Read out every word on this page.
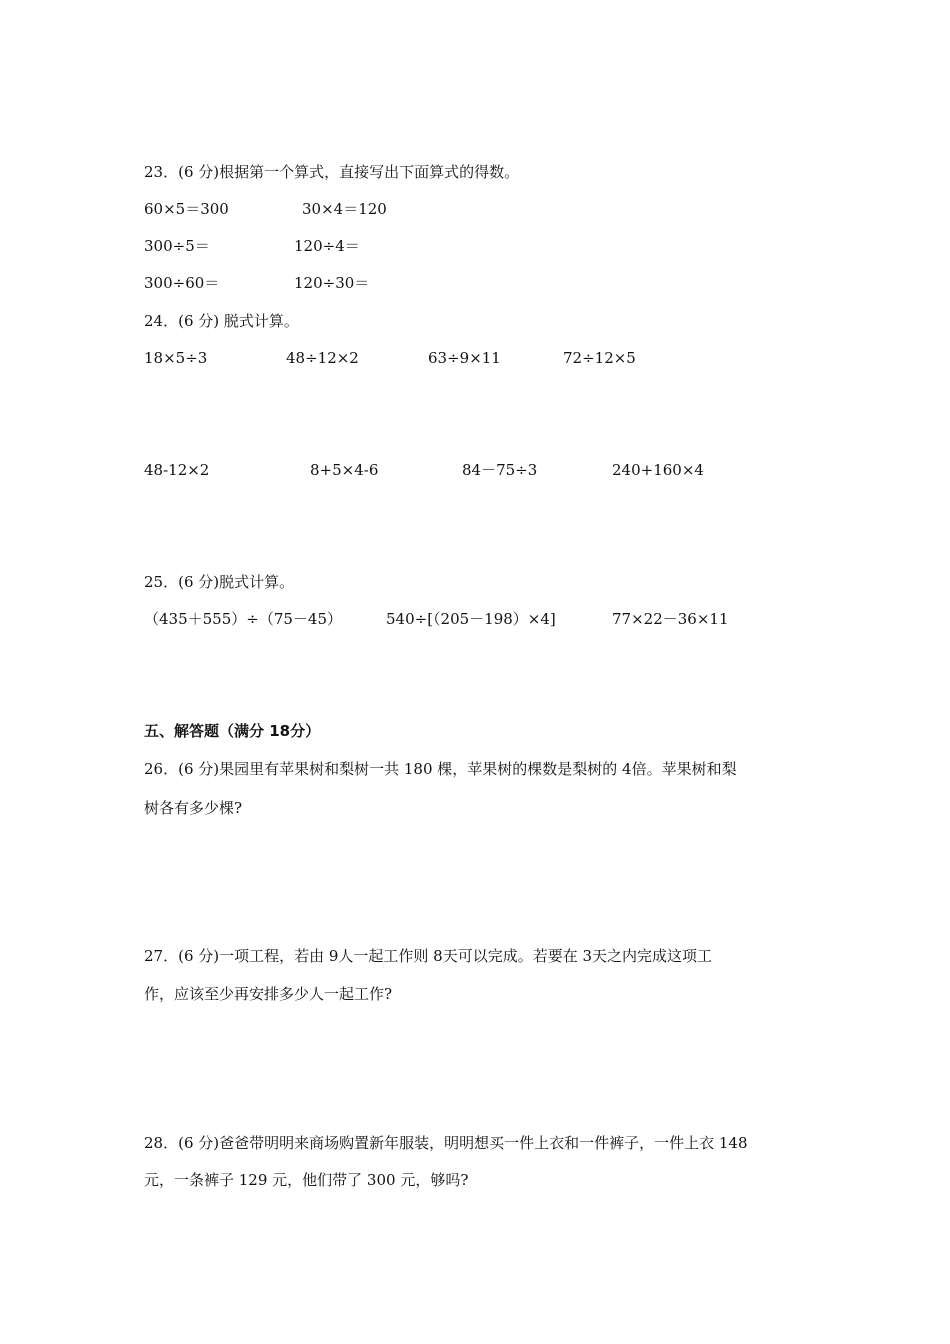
23．(6 分)根据第一个算式，直接写出下面算式的得数。
60×5＝300	30×4＝120
300÷5＝	120÷4＝
300÷60＝	120÷30＝
24．(6 分) 脱式计算。
18×5÷3	48÷12×2	63÷9×11	72÷12×5
48-12×2	8+5×4-6	84－75÷3	240+160×4
25．(6 分)脱式计算。
（435＋555）÷（75－45）	540÷[（205－198）×4]	77×22－36×11
五、解答题（满分 18分）
26．(6 分)果园里有苹果树和梨树一共 180 棵，苹果树的棵数是梨树的 4倍。苹果树和梨
树各有多少棵?
27．(6 分)一项工程，若由 9人一起工作则 8天可以完成。若要在 3天之内完成这项工
作，应该至少再安排多少人一起工作?
28．(6 分)爸爸带明明来商场购置新年服装，明明想买一件上衣和一件裤子，一件上衣 148
元，一条裤子 129 元，他们带了 300 元，够吗?
